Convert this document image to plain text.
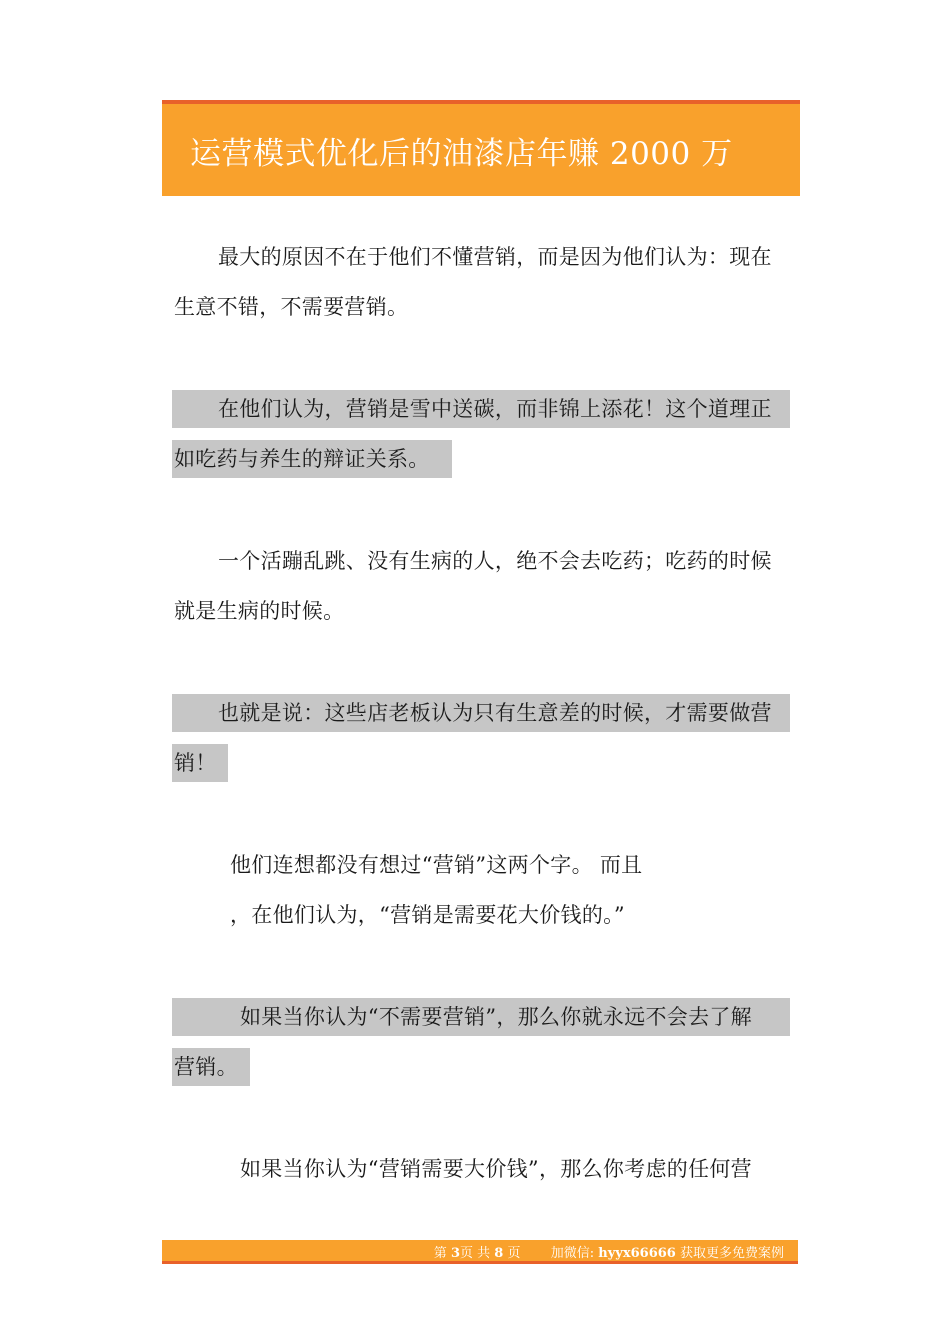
运营模式优化后的油漆店年赚 2000 万
最大的原因不在于他们不懂营销，而是因为他们认为：现在
生意不错，不需要营销。
在他们认为，营销是雪中送碳，而非锦上添花！这个道理正
如吃药与养生的辩证关系。
一个活蹦乱跳、没有生病的人，绝不会去吃药；吃药的时候
就是生病的时候。
也就是说：这些店老板认为只有生意差的时候，才需要做营
销！
他们连想都没有想过“营销”这两个字。 而且
，在他们认为，“营销是需要花大价钱的。”
如果当你认为“不需要营销”，那么你就永远不会去了解
营销。
如果当你认为“营销需要大价钱”，那么你考虑的任何营
第 3页 共 8 页 加微信: hyyx66666 获取更多免费案例
